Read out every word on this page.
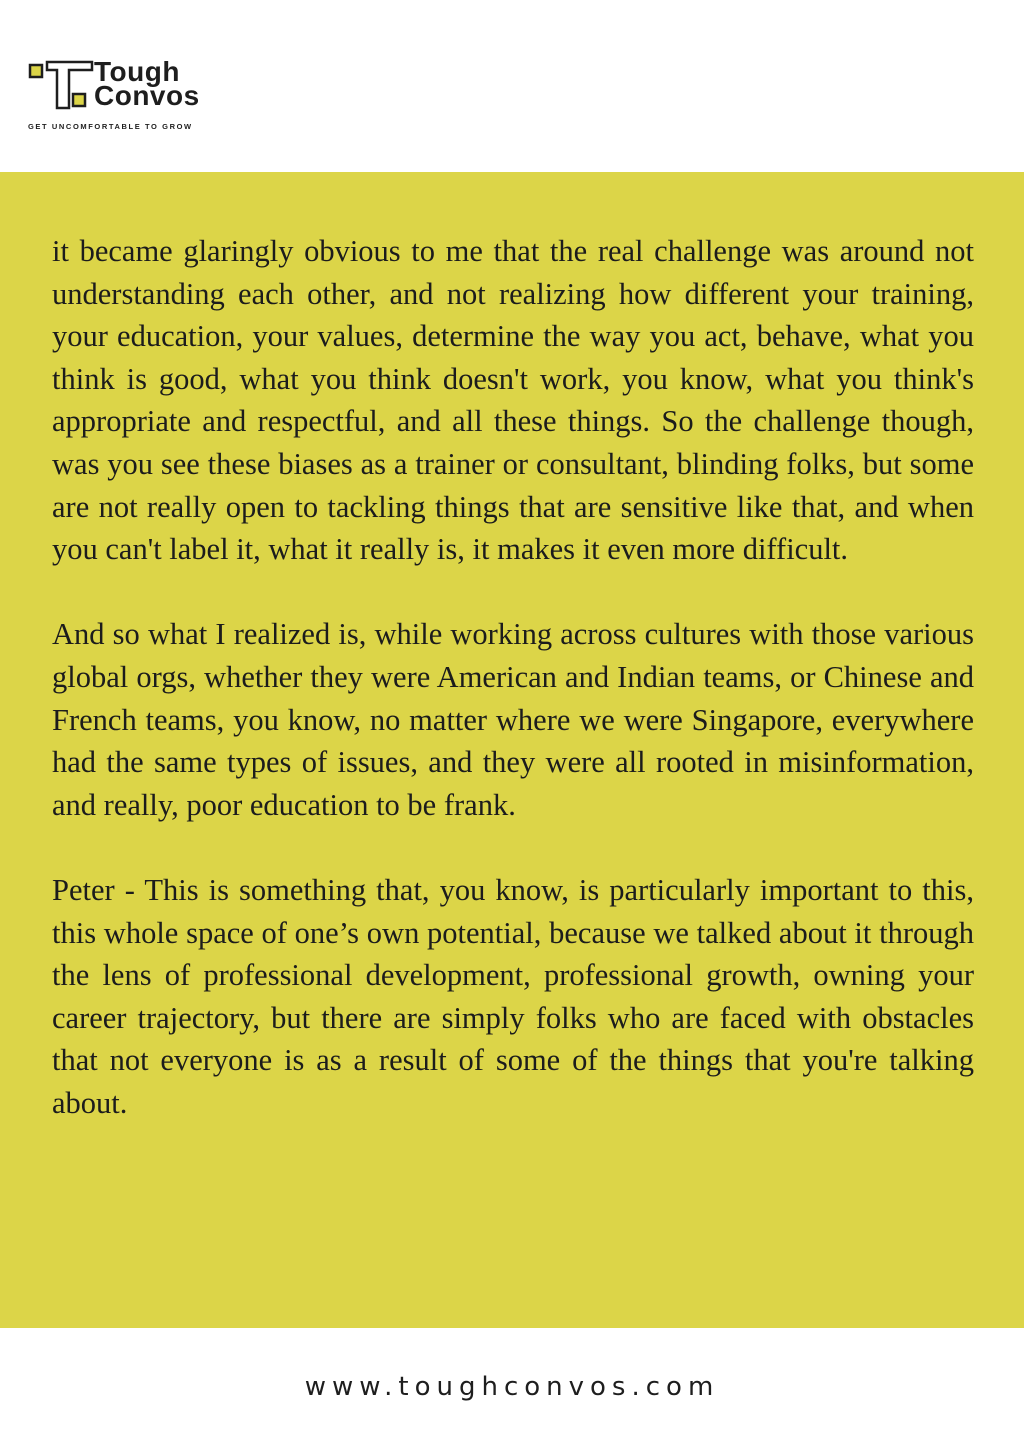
Tough
Convos
GET UNCOMFORTABLE TO GROW

it became glaringly obvious to me that the real challenge was around not understanding each other, and not realizing how different your training, your education, your values, determine the way you act, behave, what you think is good, what you think doesn't work, you know, what you think's appropriate and respectful, and all these things. So the challenge though, was you see these biases as a trainer or consultant, blinding folks, but some are not really open to tackling things that are sensitive like that, and when you can't label it, what it really is, it makes it even more difficult.

And so what I realized is, while working across cultures with those various global orgs, whether they were American and Indian teams, or Chinese and French teams, you know, no matter where we were Singapore, everywhere had the same types of issues, and they were all rooted in misinformation, and really, poor education to be frank.

Peter - This is something that, you know, is particularly important to this, this whole space of one’s own potential, because we talked about it through the lens of professional development, professional growth, owning your career trajectory, but there are simply folks who are faced with obstacles that not everyone is as a result of some of the things that you're talking about.

www.toughconvos.com
